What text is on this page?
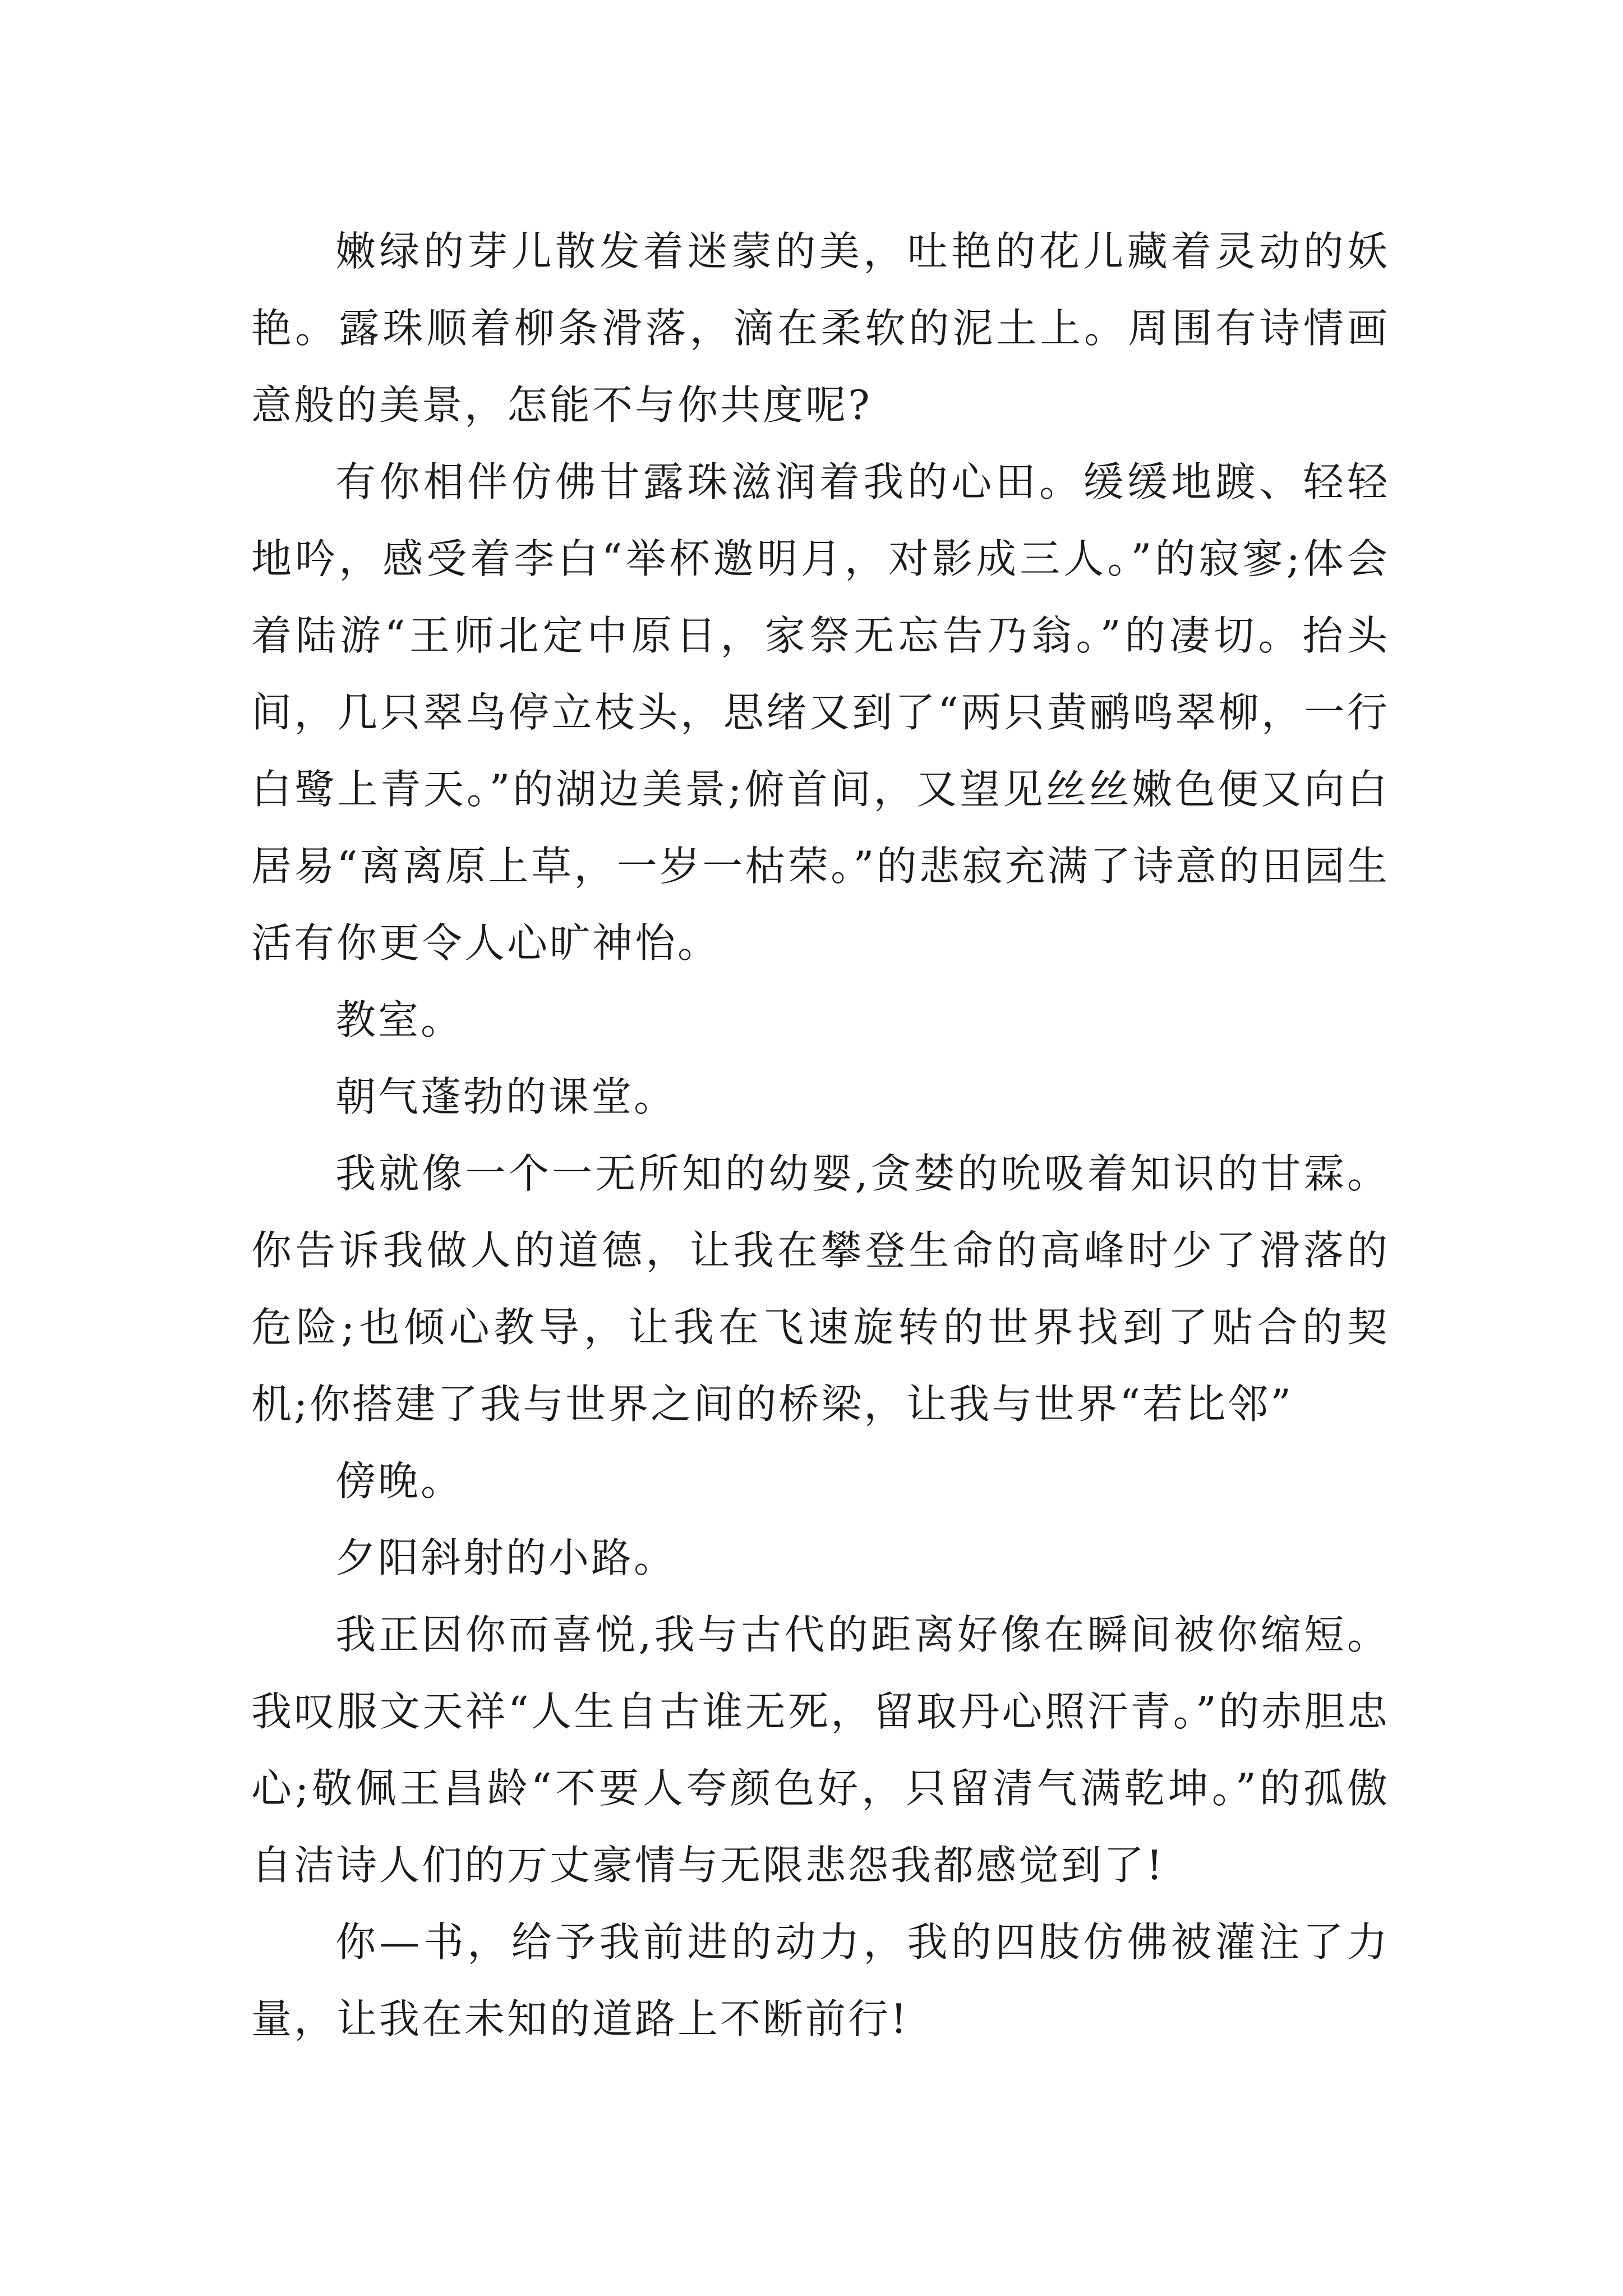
嫩绿的芽儿散发着迷蒙的美，吐艳的花儿藏着灵动的妖艳。露珠顺着柳条滑落，滴在柔软的泥土上。周围有诗情画意般的美景，怎能不与你共度呢?

有你相伴仿佛甘露珠滋润着我的心田。缓缓地踱、轻轻地吟，感受着李白“举杯邀明月，对影成三人。”的寂寥;体会着陆游“王师北定中原日，家祭无忘告乃翁。”的凄切。抬头间，几只翠鸟停立枝头，思绪又到了“两只黄鹂鸣翠柳，一行白鹭上青天。”的湖边美景;俯首间，又望见丝丝嫩色便又向白居易“离离原上草，一岁一枯荣。”的悲寂充满了诗意的田园生活有你更令人心旷神怡。

教室。

朝气蓬勃的课堂。

我就像一个一无所知的幼婴,贪婪的吮吸着知识的甘霖。你告诉我做人的道德，让我在攀登生命的高峰时少了滑落的危险;也倾心教导，让我在飞速旋转的世界找到了贴合的契机;你搭建了我与世界之间的桥梁，让我与世界“若比邻”

傍晚。

夕阳斜射的小路。

我正因你而喜悦,我与古代的距离好像在瞬间被你缩短。我叹服文天祥“人生自古谁无死，留取丹心照汗青。”的赤胆忠心;敬佩王昌龄“不要人夸颜色好，只留清气满乾坤。”的孤傲自洁诗人们的万丈豪情与无限悲怨我都感觉到了!

你—书，给予我前进的动力，我的四肢仿佛被灌注了力量，让我在未知的道路上不断前行!
